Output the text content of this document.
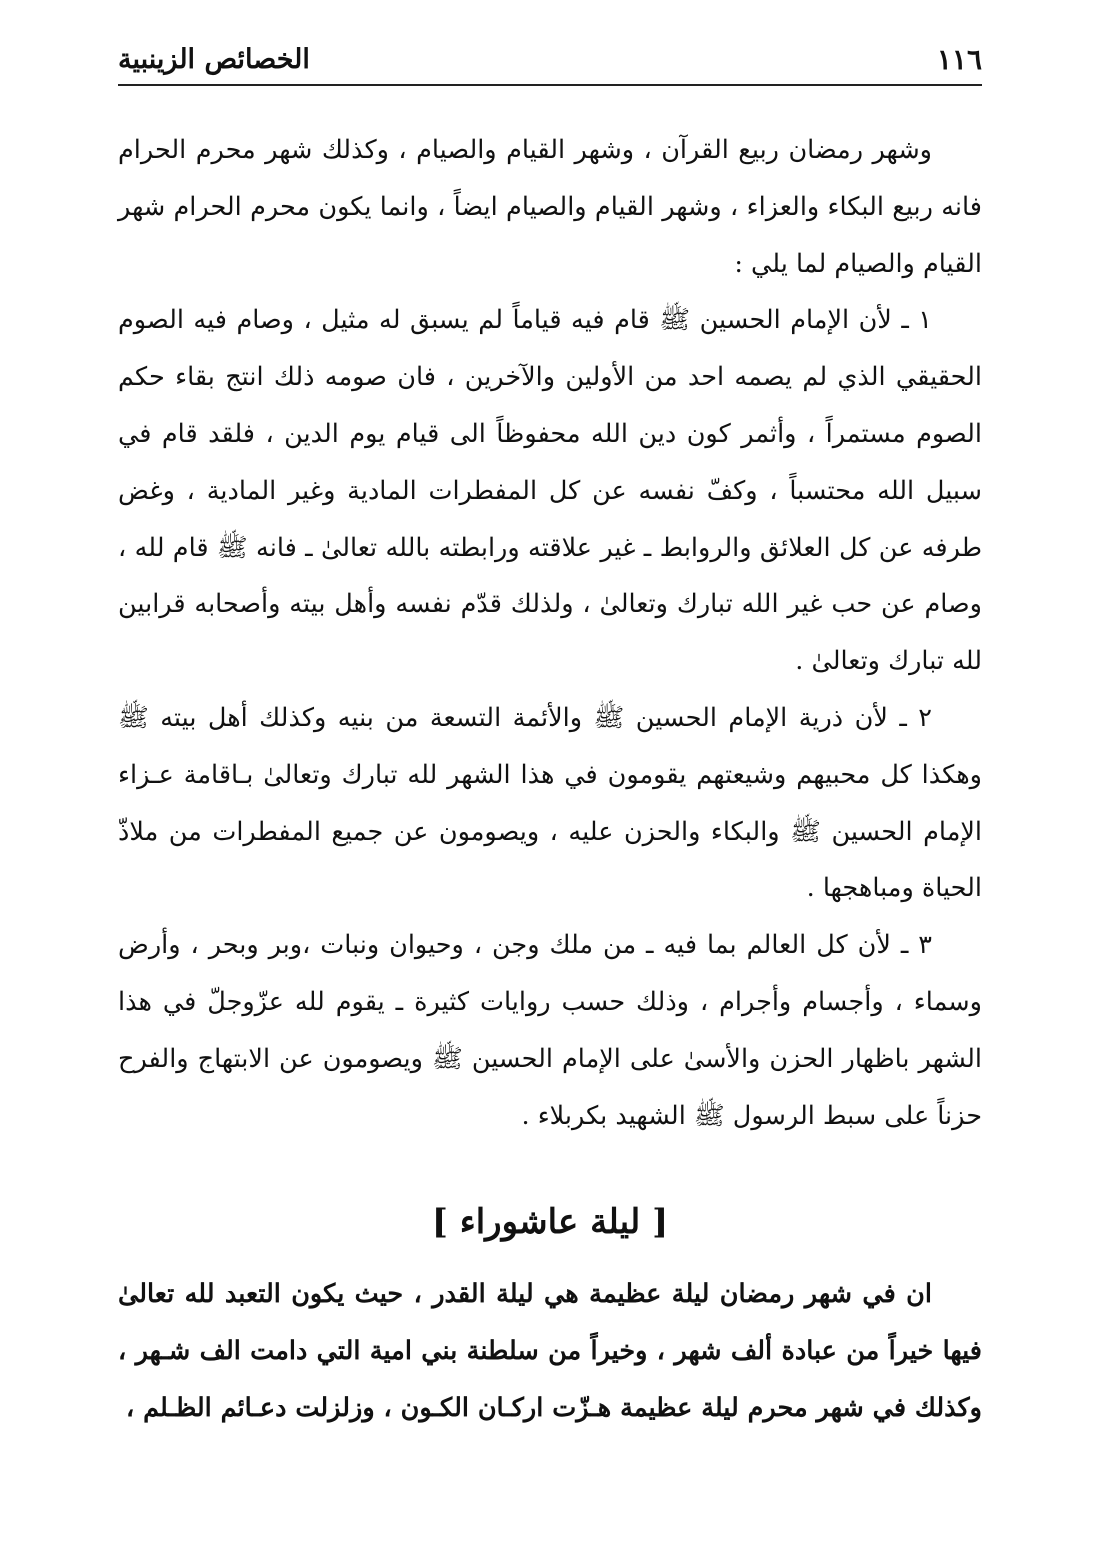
١١٦
الخصائص الزينبية

وشهر رمضان ربيع القرآن ، وشهر القيام والصيام ، وكذلك شهر محرم الحرام فانه ربيع البكاء والعزاء ، وشهر القيام والصيام ايضاً ، وانما يكون محرم الحرام شهر القيام والصيام لما يلي :

١ ـ لأن الإمام الحسين ﷺ قام فيه قياماً لم يسبق له مثيل ، وصام فيه الصوم الحقيقي الذي لم يصمه احد من الأولين والآخرين ، فان صومه ذلك انتج بقاء حكم الصوم مستمراً ، وأثمر كون دين الله محفوظاً الى قيام يوم الدين ، فلقد قام في سبيل الله محتسباً ، وكفّ نفسه عن كل المفطرات المادية وغير المادية ، وغض طرفه عن كل العلائق والروابط ـ غير علاقته ورابطته بالله تعالىٰ ـ فانه ﷺ قام لله ، وصام عن حب غير الله تبارك وتعالىٰ ، ولذلك قدّم نفسه وأهل بيته وأصحابه قرابين لله تبارك وتعالىٰ .

٢ ـ لأن ذرية الإمام الحسين ﷺ والأئمة التسعة من بنيه وكذلك أهل بيته ﷺ وهكذا كل محبيهم وشيعتهم يقومون في هذا الشهر لله تبارك وتعالىٰ بـاقامة عـزاء الإمام الحسين ﷺ والبكاء والحزن عليه ، ويصومون عن جميع المفطرات من ملاذّ الحياة ومباهجها .

٣ ـ لأن كل العالم بما فيه ـ من ملك وجن ، وحيوان ونبات ،وبر وبحر ، وأرض وسماء ، وأجسام وأجرام ، وذلك حسب روايات كثيرة ـ يقوم لله عزّوجلّ في هذا الشهر باظهار الحزن والأسىٰ على الإمام الحسين ﷺ ويصومون عن الابتهاج والفرح حزناً على سبط الرسول ﷺ الشهيد بكربلاء .

[ ليلة عاشوراء ]

ان في شهر رمضان ليلة عظيمة هي ليلة القدر ، حيث يكون التعبد لله تعالىٰ فيها خيراً من عبادة ألف شهر ، وخيراً من سلطنة بني امية التي دامت الف شـهر ، وكذلك في شهر محرم ليلة عظيمة هـزّت اركـان الكـون ، وزلزلت دعـائم الظـلم ،
